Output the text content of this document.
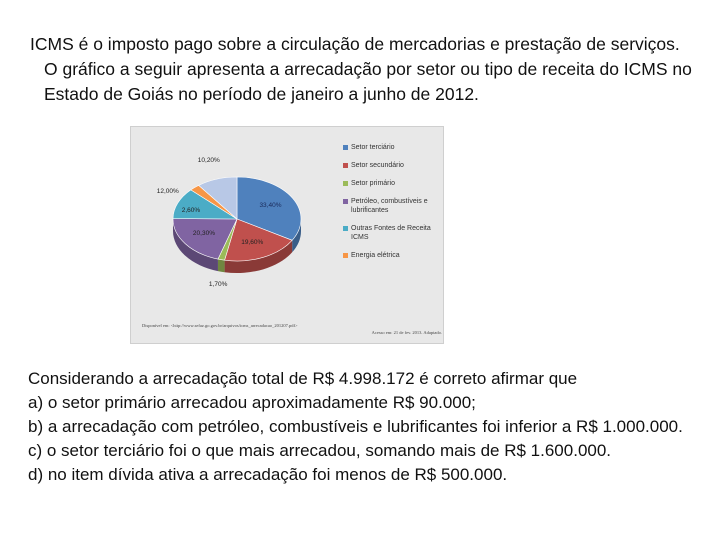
ICMS é o imposto pago sobre a circulação de mercadorias e prestação de serviços. O gráfico a seguir apresenta a arrecadação por setor ou tipo de receita do ICMS no Estado de Goiás no período de janeiro a junho de 2012.
33,40%
19,60%
1,70%
20,30%
12,00%
2,60%
10,20%
Setor terciário
Setor secundário
Setor primário
Petróleo, combustíveis e lubrificantes
Outras Fontes de Receita ICMS
Energia elétrica
Disponível em: <http://www.sefaz.go.gov.br/arquivos/icms_arrecadacao_201207.pdf>
Acesso em: 21 de fev. 2013. Adaptado.

Considerando a arrecadação total de R$ 4.998.172 é correto afirmar que

a) o setor primário arrecadou aproximadamente R$ 90.000;

b) a arrecadação com petróleo, combustíveis e lubrificantes foi inferior a R$ 1.000.000.

c) o setor terciário foi o que mais arrecadou, somando mais de R$ 1.600.000.

d) no item dívida ativa a arrecadação foi menos de R$ 500.000.
